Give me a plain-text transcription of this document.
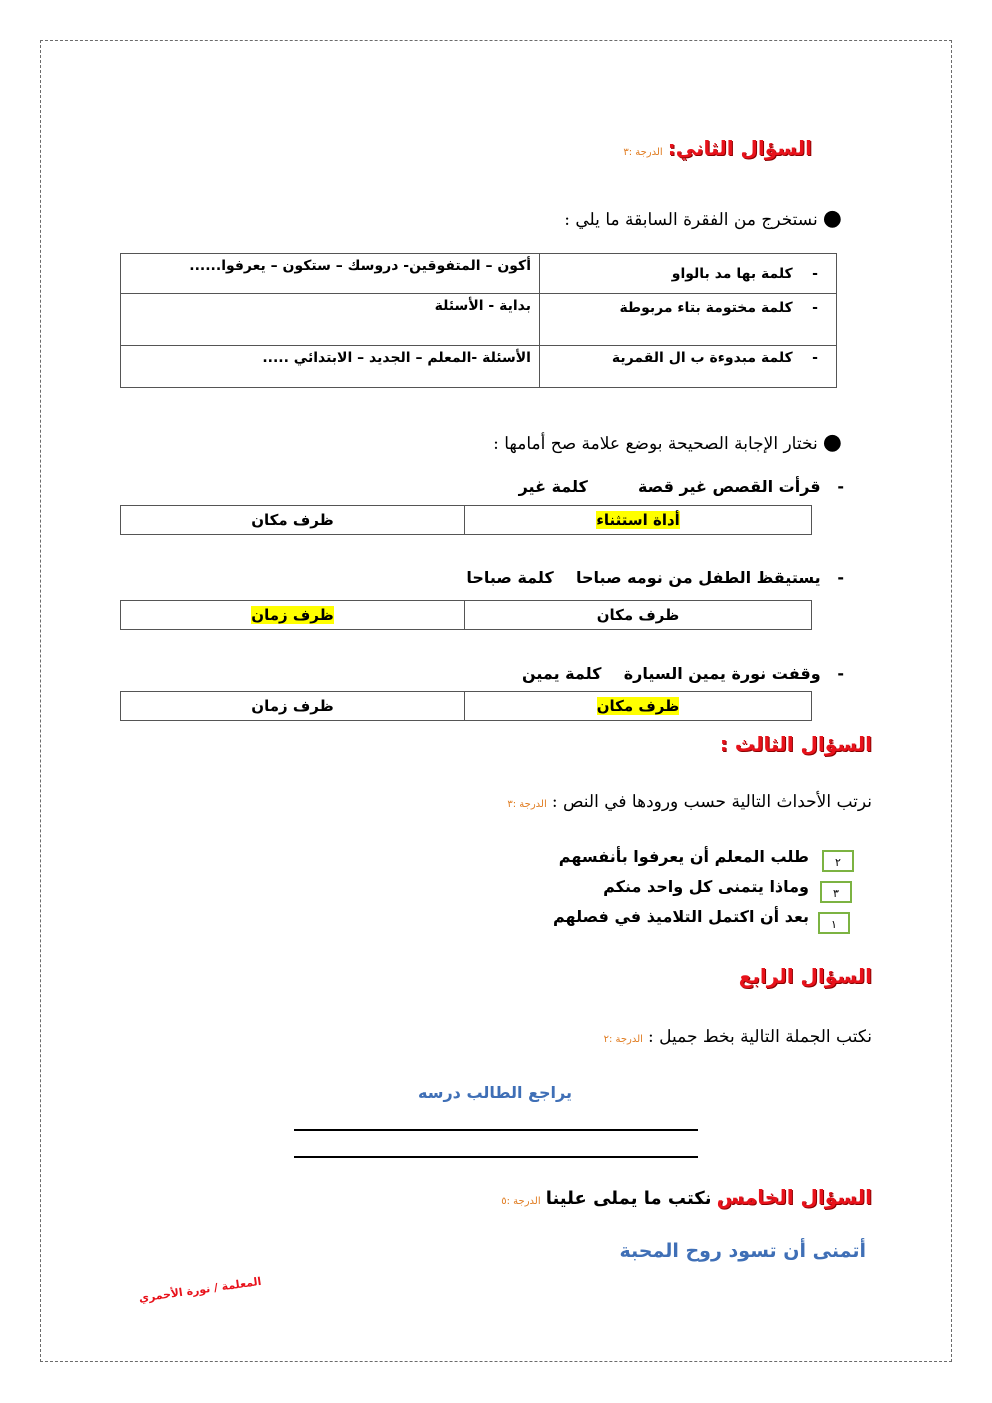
السؤال الثاني: الدرجة :٣
● نستخرج من الفقرة السابقة ما يلي :
-    كلمة بها مد بالواو	أكون – المتفوقين- دروسك – ستكون – يعرفوا......
-    كلمة مختومة بتاء مربوطة	بداية - الأسئلة
-    كلمة مبدوءة ب ال القمرية	الأسئلة -المعلم – الجديد – الابتدائي .....
● نختار الإجابة الصحيحة بوضع علامة صح أمامها :
-   قرأت القصص غير قصة         كلمة غير
أداة استثناء	ظرف مكان
-   يستيقظ الطفل من نومه صباحا    كلمة صباحا
ظرف مكان	ظرف زمان
-   وقفت نورة يمين السيارة    كلمة يمين
ظرف مكان	ظرف زمان
السؤال الثالث :
نرتب الأحداث التالية حسب ورودها في النص : الدرجة :٣
٢
طلب المعلم أن يعرفوا بأنفسهم
٣
وماذا يتمنى كل واحد منكم
١
بعد أن اكتمل التلاميذ في فصلهم
السؤال الرابع
نكتب الجملة التالية بخط جميل : الدرجة :٢
يراجع الطالب درسه
السؤال الخامس نكتب ما يملى علينا الدرجة :٥
أتمنى أن تسود روح المحبة
المعلمة / نورة الأحمري
